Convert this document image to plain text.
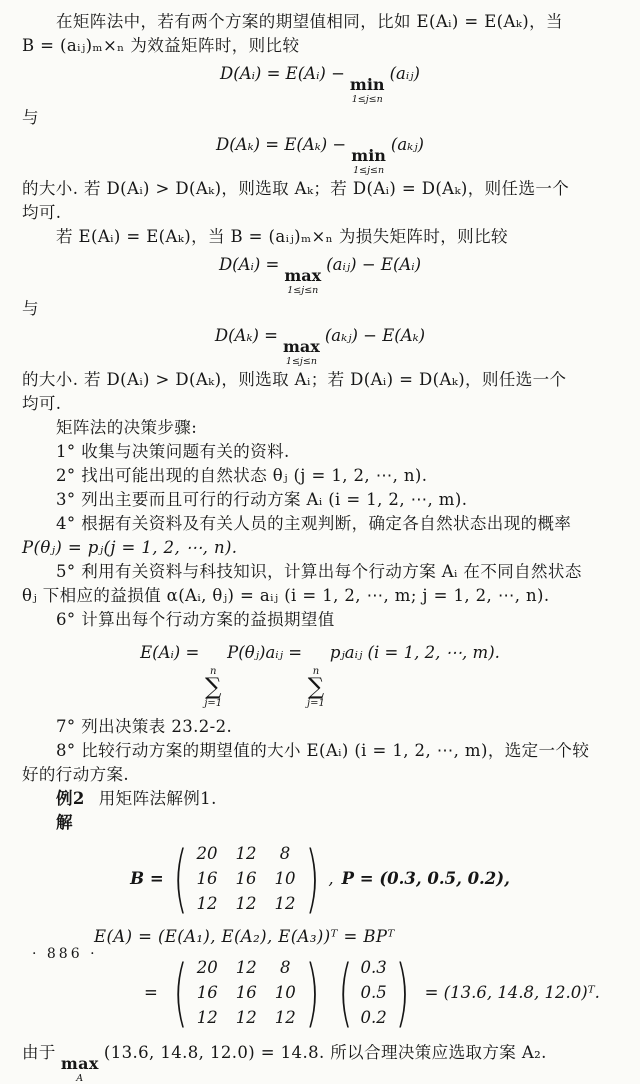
在矩阵法中，若有两个方案的期望值相同，比如 E(Aᵢ) = E(Aₖ)，当
B = (aᵢⱼ)ₘ×ₙ 为效益矩阵时，则比较
D(Aᵢ) = E(Aᵢ) −
min
1≤j≤n
(aᵢⱼ)
与
D(Aₖ) = E(Aₖ) −
min
1≤j≤n
(aₖⱼ)
的大小. 若 D(Aᵢ) > D(Aₖ)，则选取 Aₖ；若 D(Aᵢ) = D(Aₖ)，则任选一个
均可.
若 E(Aᵢ) = E(Aₖ)，当 B = (aᵢⱼ)ₘ×ₙ 为损失矩阵时，则比较
D(Aᵢ) =
max
1≤j≤n
(aᵢⱼ) − E(Aᵢ)
与
D(Aₖ) =
max
1≤j≤n
(aₖⱼ) − E(Aₖ)
的大小. 若 D(Aᵢ) > D(Aₖ)，则选取 Aᵢ；若 D(Aᵢ) = D(Aₖ)，则任选一个
均可.
矩阵法的决策步骤:
1° 收集与决策问题有关的资料.
2° 找出可能出现的自然状态 θⱼ (j = 1, 2, ⋯, n).
3° 列出主要而且可行的行动方案 Aᵢ (i = 1, 2, ⋯, m).
4° 根据有关资料及有关人员的主观判断，确定各自然状态出现的概率
P(θⱼ) = pⱼ(j = 1, 2, ⋯, n).
5° 利用有关资料与科技知识，计算出每个行动方案 Aᵢ 在不同自然状态
θⱼ 下相应的益损值 α(Aᵢ, θⱼ) = aᵢⱼ (i = 1, 2, ⋯, m; j = 1, 2, ⋯, n).
6° 计算出每个行动方案的益损期望值
E(Aᵢ) =
n
∑
j=1
P(θⱼ)aᵢⱼ =
n
∑
j=1
pⱼaᵢⱼ (i = 1, 2, ⋯, m).
7° 列出决策表 23.2-2.
8° 比较行动方案的期望值的大小 E(Aᵢ) (i = 1, 2, ⋯, m)，选定一个较
好的行动方案.
例2 用矩阵法解例1.
解
B = ( 20 12	8
16 16 10
12 12 12 ) , P = (0.3, 0.5, 0.2),
E(A) = (E(A₁), E(A₂), E(A₃))ᵀ = BPᵀ
= ( 20 12	8
16 16 10
12 12 12 ) ( 0.3
0.5
0.2 ) = (13.6, 14.8, 12.0)ᵀ.
由于
max
A
(13.6, 14.8, 12.0) = 14.8. 所以合理决策应选取方案 A₂.
· 886 ·
